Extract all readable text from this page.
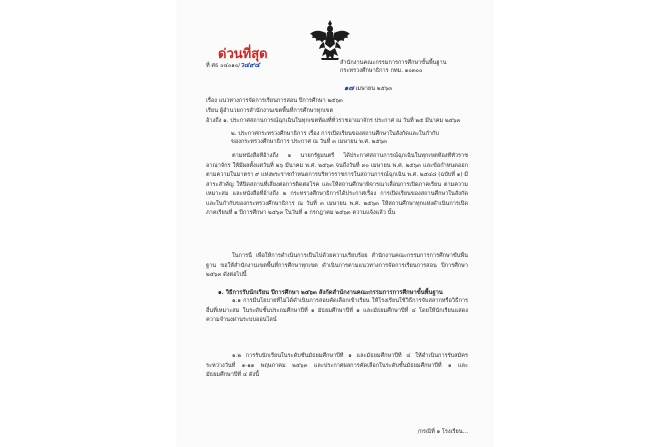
ด่วนที่สุด
ที่ ศธ ๐๔๐๑๐/ว๔๙๔	สำนักงานคณะกรรมการการศึกษาขั้นพื้นฐาน
กระทรวงศึกษาธิการ กทม. ๑๐๓๐๐
๑๗ เมษายน ๒๕๖๓
เรื่อง แนวทางการจัดการเรียนการสอน ปีการศึกษา ๒๕๖๓
เรียน ผู้อำนวยการสำนักงานเขตพื้นที่การศึกษาทุกเขต
อ้างถึง ๑. ประกาศสถานการณ์ฉุกเฉินในทุกเขตท้องที่ทั่วราชอาณาจักร ประกาศ ณ วันที่ ๒๕ มีนาคม ๒๕๖๓
๒. ประกาศกระทรวงศึกษาธิการ เรื่อง การเปิดเรียนของสถานศึกษาในสังกัดและในกำกับ
ของกระทรวงศึกษาธิการ ประกาศ ณ วันที่ ๓ เมษายน พ.ศ. ๒๕๖๓
ตามหนังสือที่อ้างถึง ๑ นายกรัฐมนตรี ได้ประกาศสถานการณ์ฉุกเฉินในทุกเขตท้องที่ทั่วราชอาณาจักร ให้มีผลตั้งแต่วันที่ ๒๖ มีนาคม พ.ศ. ๒๕๖๓ จนถึงวันที่ ๓๐ เมษายน พ.ศ. ๒๕๖๓ และข้อกำหนดออกตามความในมาตรา ๙ แห่งพระราชกำหนดการบริหารราชการในสถานการณ์ฉุกเฉิน พ.ศ. ๒๕๔๘ (ฉบับที่ ๑) มีสาระสำคัญ ให้ปิดสถานที่เสี่ยงต่อการติดต่อโรค และให้สถานศึกษาพิจารณาเลื่อนการเปิดภาคเรียน ตามความเหมาะสม และหนังสือที่อ้างถึง ๒ กระทรวงศึกษาธิการได้ประกาศเรื่อง การเปิดเรียนของสถานศึกษาในสังกัดและในกำกับของกระทรวงศึกษาธิการ ณ วันที่ ๓ เมษายน พ.ศ. ๒๕๖๓ ให้สถานศึกษาทุกแห่งดำเนินการเปิดภาคเรียนที่ ๑ ปีการศึกษา ๒๕๖๓ ในวันที่ ๑ กรกฎาคม ๒๕๖๓ ความแจ้งแล้ว นั้น
ในการนี้ เพื่อให้การดำเนินการเป็นไปด้วยความเรียบร้อย สำนักงานคณะกรรมการการศึกษาขั้นพื้นฐาน ขอให้สำนักงานเขตพื้นที่การศึกษาทุกเขต ดำเนินการตามแนวทางการจัดการเรียนการสอน ปีการศึกษา ๒๕๖๓ ดังต่อไปนี้
๑. วิธีการรับนักเรียน ปีการศึกษา ๒๕๖๓ สังกัดสำนักงานคณะกรรมการการศึกษาขั้นพื้นฐาน
๑.๑ การมีนโยบายที่ไม่ได้ดำเนินการสอบคัดเลือกเข้าเรียน ให้โรงเรียนใช้วิธีการจับสลากหรือวิธีการอื่นที่เหมาะสม ในระดับชั้นประถมศึกษาปีที่ ๑ มัธยมศึกษาปีที่ ๑ และมัธยมศึกษาปีที่ ๔ โดยให้นักเรียนแสดงความจำนงผ่านระบบออนไลน์
๑.๒ การรับนักเรียนในระดับชั้นมัธยมศึกษาปีที่ ๑ และมัธยมศึกษาปีที่ ๔ ให้ดำเนินการรับสมัคร ระหว่างวันที่ ๑-๑๑ พฤษภาคม ๒๕๖๓ และประกาศผลการคัดเลือกในระดับชั้นมัธยมศึกษาปีที่ ๑ และมัธยมศึกษาปีที่ ๔ ดังนี้
/กรณีที่ ๑ โรงเรียน...
